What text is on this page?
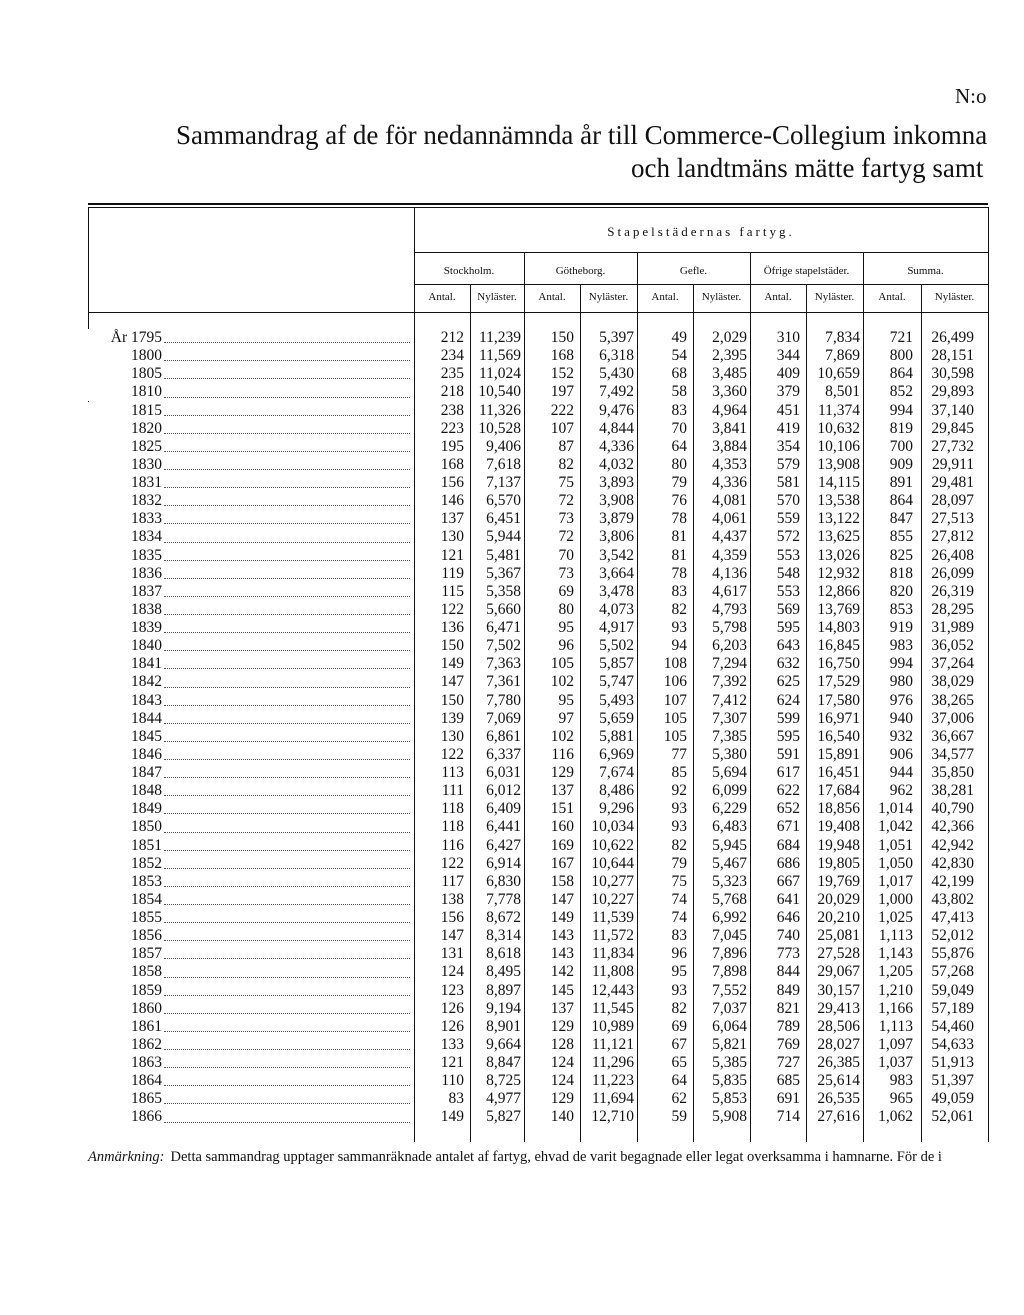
N:o
Sammandrag af de för nedannämnda år till Commerce-Collegium inkomna
och landtmäns mätte fartyg samt
Stapelstädernas fartyg.
Stockholm.	Götheborg.	Gefle.	Öfrige stapelstäder.	Summa.
Antal.	Nyläster.	Antal.	Nyläster.	Antal.	Nyläster.	Antal.	Nyläster.	Antal.	Nyläster.
År 1795	212	11,239	150	5,397	49	2,029	310	7,834	721	26,499
1800	234	11,569	168	6,318	54	2,395	344	7,869	800	28,151
1805	235	11,024	152	5,430	68	3,485	409	10,659	864	30,598
1810	218	10,540	197	7,492	58	3,360	379	8,501	852	29,893
1815	238	11,326	222	9,476	83	4,964	451	11,374	994	37,140
1820	223	10,528	107	4,844	70	3,841	419	10,632	819	29,845
1825	195	9,406	87	4,336	64	3,884	354	10,106	700	27,732
1830	168	7,618	82	4,032	80	4,353	579	13,908	909	29,911
1831	156	7,137	75	3,893	79	4,336	581	14,115	891	29,481
1832	146	6,570	72	3,908	76	4,081	570	13,538	864	28,097
1833	137	6,451	73	3,879	78	4,061	559	13,122	847	27,513
1834	130	5,944	72	3,806	81	4,437	572	13,625	855	27,812
1835	121	5,481	70	3,542	81	4,359	553	13,026	825	26,408
1836	119	5,367	73	3,664	78	4,136	548	12,932	818	26,099
1837	115	5,358	69	3,478	83	4,617	553	12,866	820	26,319
1838	122	5,660	80	4,073	82	4,793	569	13,769	853	28,295
1839	136	6,471	95	4,917	93	5,798	595	14,803	919	31,989
1840	150	7,502	96	5,502	94	6,203	643	16,845	983	36,052
1841	149	7,363	105	5,857	108	7,294	632	16,750	994	37,264
1842	147	7,361	102	5,747	106	7,392	625	17,529	980	38,029
1843	150	7,780	95	5,493	107	7,412	624	17,580	976	38,265
1844	139	7,069	97	5,659	105	7,307	599	16,971	940	37,006
1845	130	6,861	102	5,881	105	7,385	595	16,540	932	36,667
1846	122	6,337	116	6,969	77	5,380	591	15,891	906	34,577
1847	113	6,031	129	7,674	85	5,694	617	16,451	944	35,850
1848	111	6,012	137	8,486	92	6,099	622	17,684	962	38,281
1849	118	6,409	151	9,296	93	6,229	652	18,856	1,014	40,790
1850	118	6,441	160	10,034	93	6,483	671	19,408	1,042	42,366
1851	116	6,427	169	10,622	82	5,945	684	19,948	1,051	42,942
1852	122	6,914	167	10,644	79	5,467	686	19,805	1,050	42,830
1853	117	6,830	158	10,277	75	5,323	667	19,769	1,017	42,199
1854	138	7,778	147	10,227	74	5,768	641	20,029	1,000	43,802
1855	156	8,672	149	11,539	74	6,992	646	20,210	1,025	47,413
1856	147	8,314	143	11,572	83	7,045	740	25,081	1,113	52,012
1857	131	8,618	143	11,834	96	7,896	773	27,528	1,143	55,876
1858	124	8,495	142	11,808	95	7,898	844	29,067	1,205	57,268
1859	123	8,897	145	12,443	93	7,552	849	30,157	1,210	59,049
1860	126	9,194	137	11,545	82	7,037	821	29,413	1,166	57,189
1861	126	8,901	129	10,989	69	6,064	789	28,506	1,113	54,460
1862	133	9,664	128	11,121	67	5,821	769	28,027	1,097	54,633
1863	121	8,847	124	11,296	65	5,385	727	26,385	1,037	51,913
1864	110	8,725	124	11,223	64	5,835	685	25,614	983	51,397
1865	83	4,977	129	11,694	62	5,853	691	26,535	965	49,059
1866	149	5,827	140	12,710	59	5,908	714	27,616	1,062	52,061
Anmärkning: Detta sammandrag upptager sammanräknade antalet af fartyg, ehvad de varit begagnade eller legat overksamma i hamnarne. För de i
